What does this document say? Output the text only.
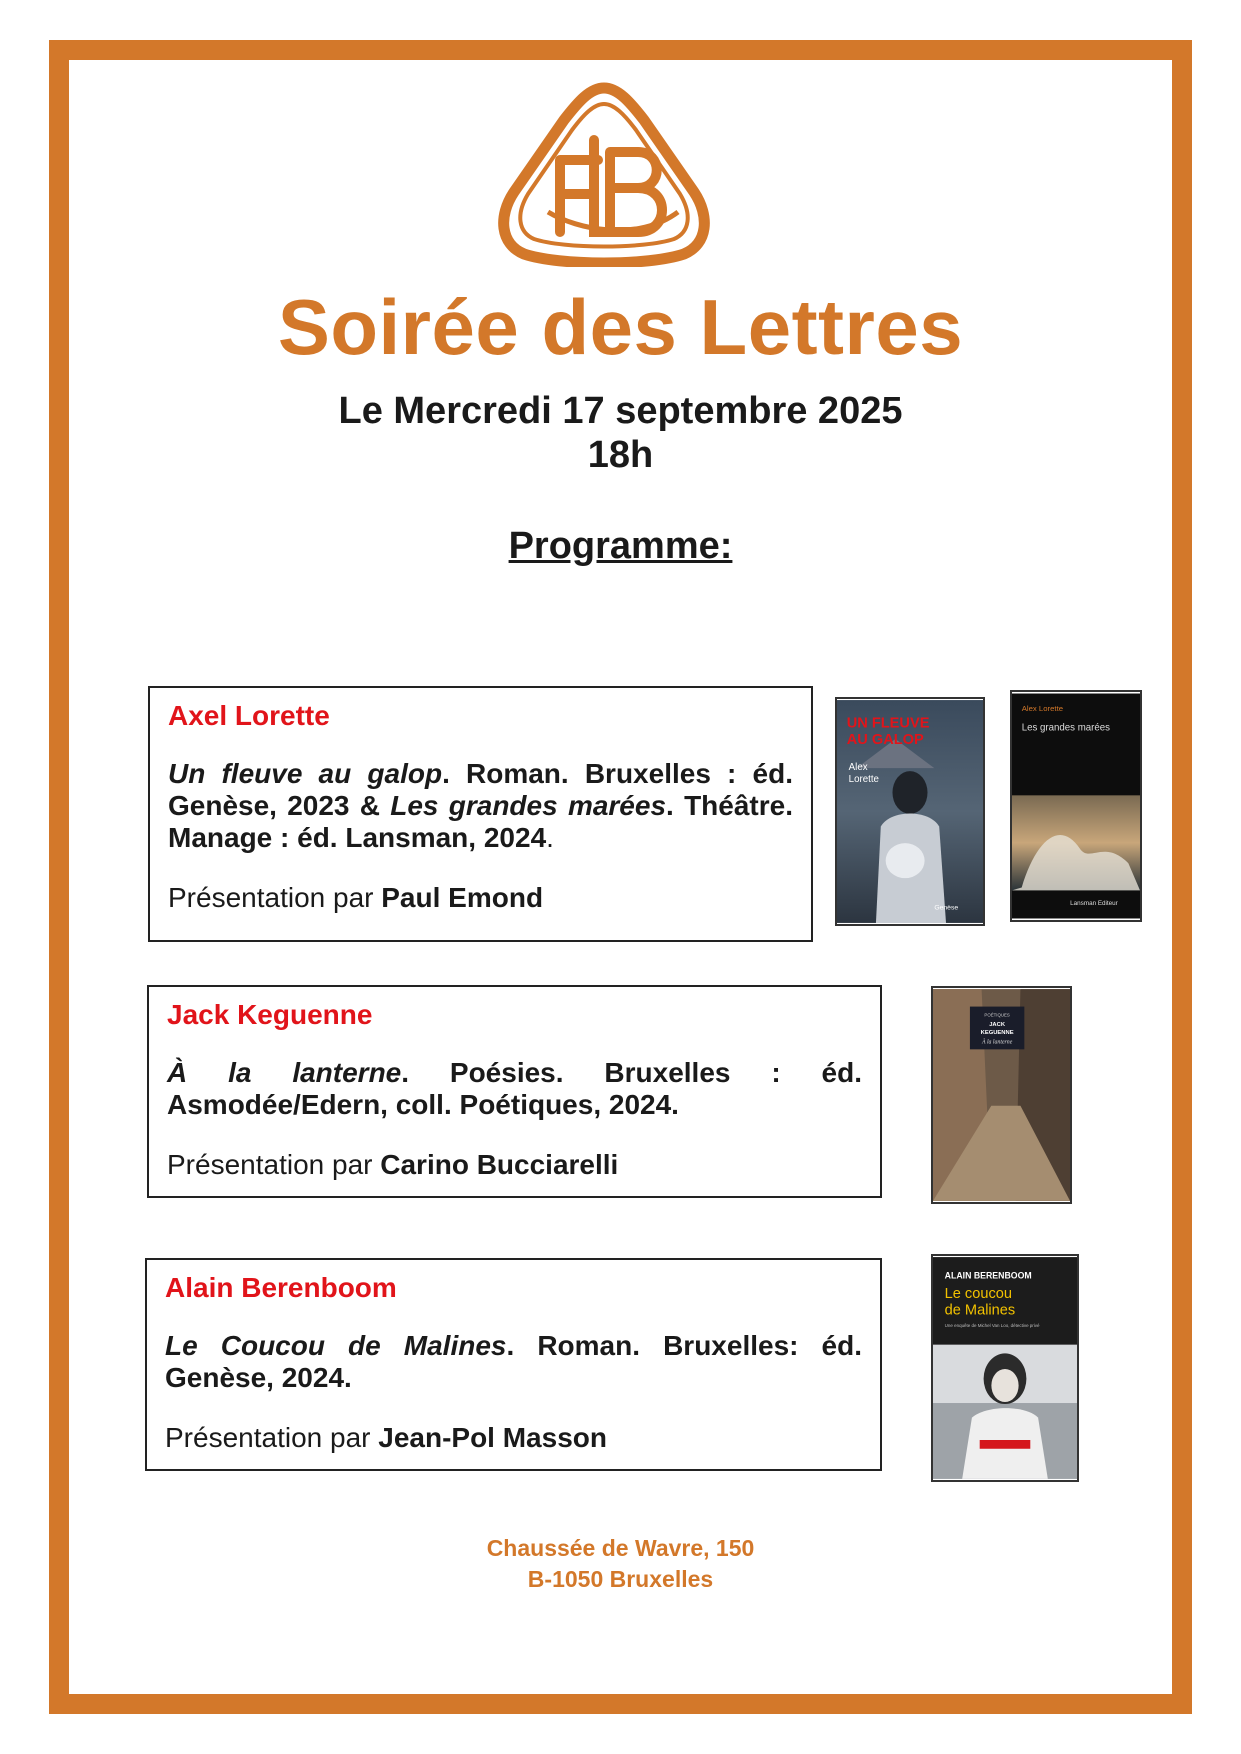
Soirée des Lettres
Le Mercredi 17 septembre 2025
18h
Programme:
Axel Lorette
Un fleuve au galop. Roman. Bruxelles : éd. Genèse, 2023 & Les grandes marées. Théâtre. Manage : éd. Lansman, 2024.
Présentation par Paul Emond
UN FLEUVE
AU GALOP
Alex
Lorette
Genèse
Alex Lorette
Les grandes marées
Lansman Editeur
Jack Keguenne
À la lanterne. Poésies. Bruxelles : éd. Asmodée/Edern, coll. Poétiques, 2024.
Présentation par Carino Bucciarelli
POÉTIQUES
JACK
KEGUENNE
À la lanterne
Alain Berenboom
Le Coucou de Malines. Roman. Bruxelles: éd. Genèse, 2024.
Présentation par Jean-Pol Masson
ALAIN BERENBOOM
Le coucou
de Malines
Une enquête de Michel Van Loo, détective privé
Chaussée de Wavre, 150
B-1050 Bruxelles
